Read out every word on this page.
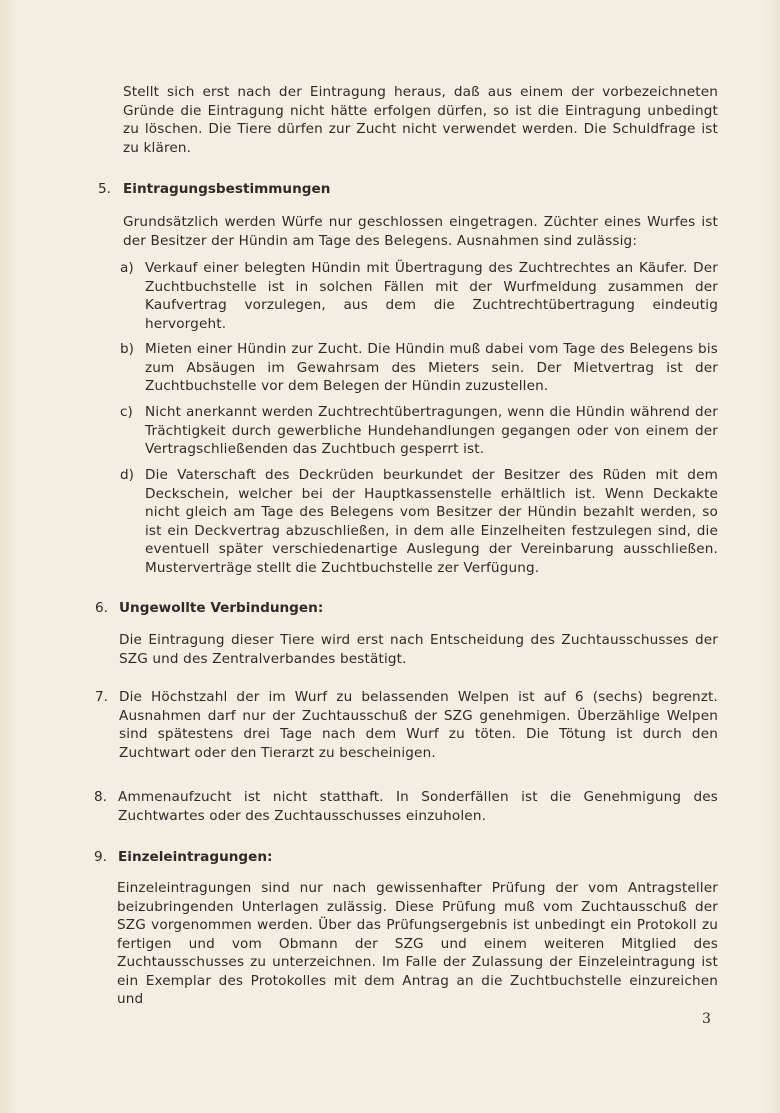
Stellt sich erst nach der Eintragung heraus, daß aus einem der vorbezeichneten Gründe die Eintragung nicht hätte erfolgen dürfen, so ist die Eintragung unbedingt zu löschen. Die Tiere dürfen zur Zucht nicht verwendet werden. Die Schuldfrage ist zu klären.

5. Eintragungsbestimmungen

Grundsätzlich werden Würfe nur geschlossen eingetragen. Züchter eines Wurfes ist der Besitzer der Hündin am Tage des Belegens. Ausnahmen sind zulässig:

a) Verkauf einer belegten Hündin mit Übertragung des Zuchtrechtes an Käufer. Der Zuchtbuchstelle ist in solchen Fällen mit der Wurfmeldung zusammen der Kaufvertrag vorzulegen, aus dem die Zuchtrechtübertragung eindeutig hervorgeht.

b) Mieten einer Hündin zur Zucht. Die Hündin muß dabei vom Tage des Belegens bis zum Absäugen im Gewahrsam des Mieters sein. Der Mietvertrag ist der Zuchtbuchstelle vor dem Belegen der Hündin zuzustellen.

c) Nicht anerkannt werden Zuchtrechtübertragungen, wenn die Hündin während der Trächtigkeit durch gewerbliche Hundehandlungen gegangen oder von einem der Vertragschließenden das Zuchtbuch gesperrt ist.

d) Die Vaterschaft des Deckrüden beurkundet der Besitzer des Rüden mit dem Deckschein, welcher bei der Hauptkassenstelle erhältlich ist. Wenn Deckakte nicht gleich am Tage des Belegens vom Besitzer der Hündin bezahlt werden, so ist ein Deckvertrag abzuschließen, in dem alle Einzelheiten festzulegen sind, die eventuell später verschiedenartige Auslegung der Vereinbarung ausschließen. Musterverträge stellt die Zuchtbuchstelle zer Verfügung.

6. Ungewollte Verbindungen:

Die Eintragung dieser Tiere wird erst nach Entscheidung des Zuchtausschusses der SZG und des Zentralverbandes bestätigt.

7. Die Höchstzahl der im Wurf zu belassenden Welpen ist auf 6 (sechs) begrenzt. Ausnahmen darf nur der Zuchtausschuß der SZG genehmigen. Überzählige Welpen sind spätestens drei Tage nach dem Wurf zu töten. Die Tötung ist durch den Zuchtwart oder den Tierarzt zu bescheinigen.

8. Ammenaufzucht ist nicht statthaft. In Sonderfällen ist die Genehmigung des Zuchtwartes oder des Zuchtausschusses einzuholen.

9. Einzeleintragungen:

Einzeleintragungen sind nur nach gewissenhafter Prüfung der vom Antragsteller beizubringenden Unterlagen zulässig. Diese Prüfung muß vom Zuchtausschuß der SZG vorgenommen werden. Über das Prüfungsergebnis ist unbedingt ein Protokoll zu fertigen und vom Obmann der SZG und einem weiteren Mitglied des Zuchtausschusses zu unterzeichnen. Im Falle der Zulassung der Einzeleintragung ist ein Exemplar des Protokolles mit dem Antrag an die Zuchtbuchstelle einzureichen und

3
